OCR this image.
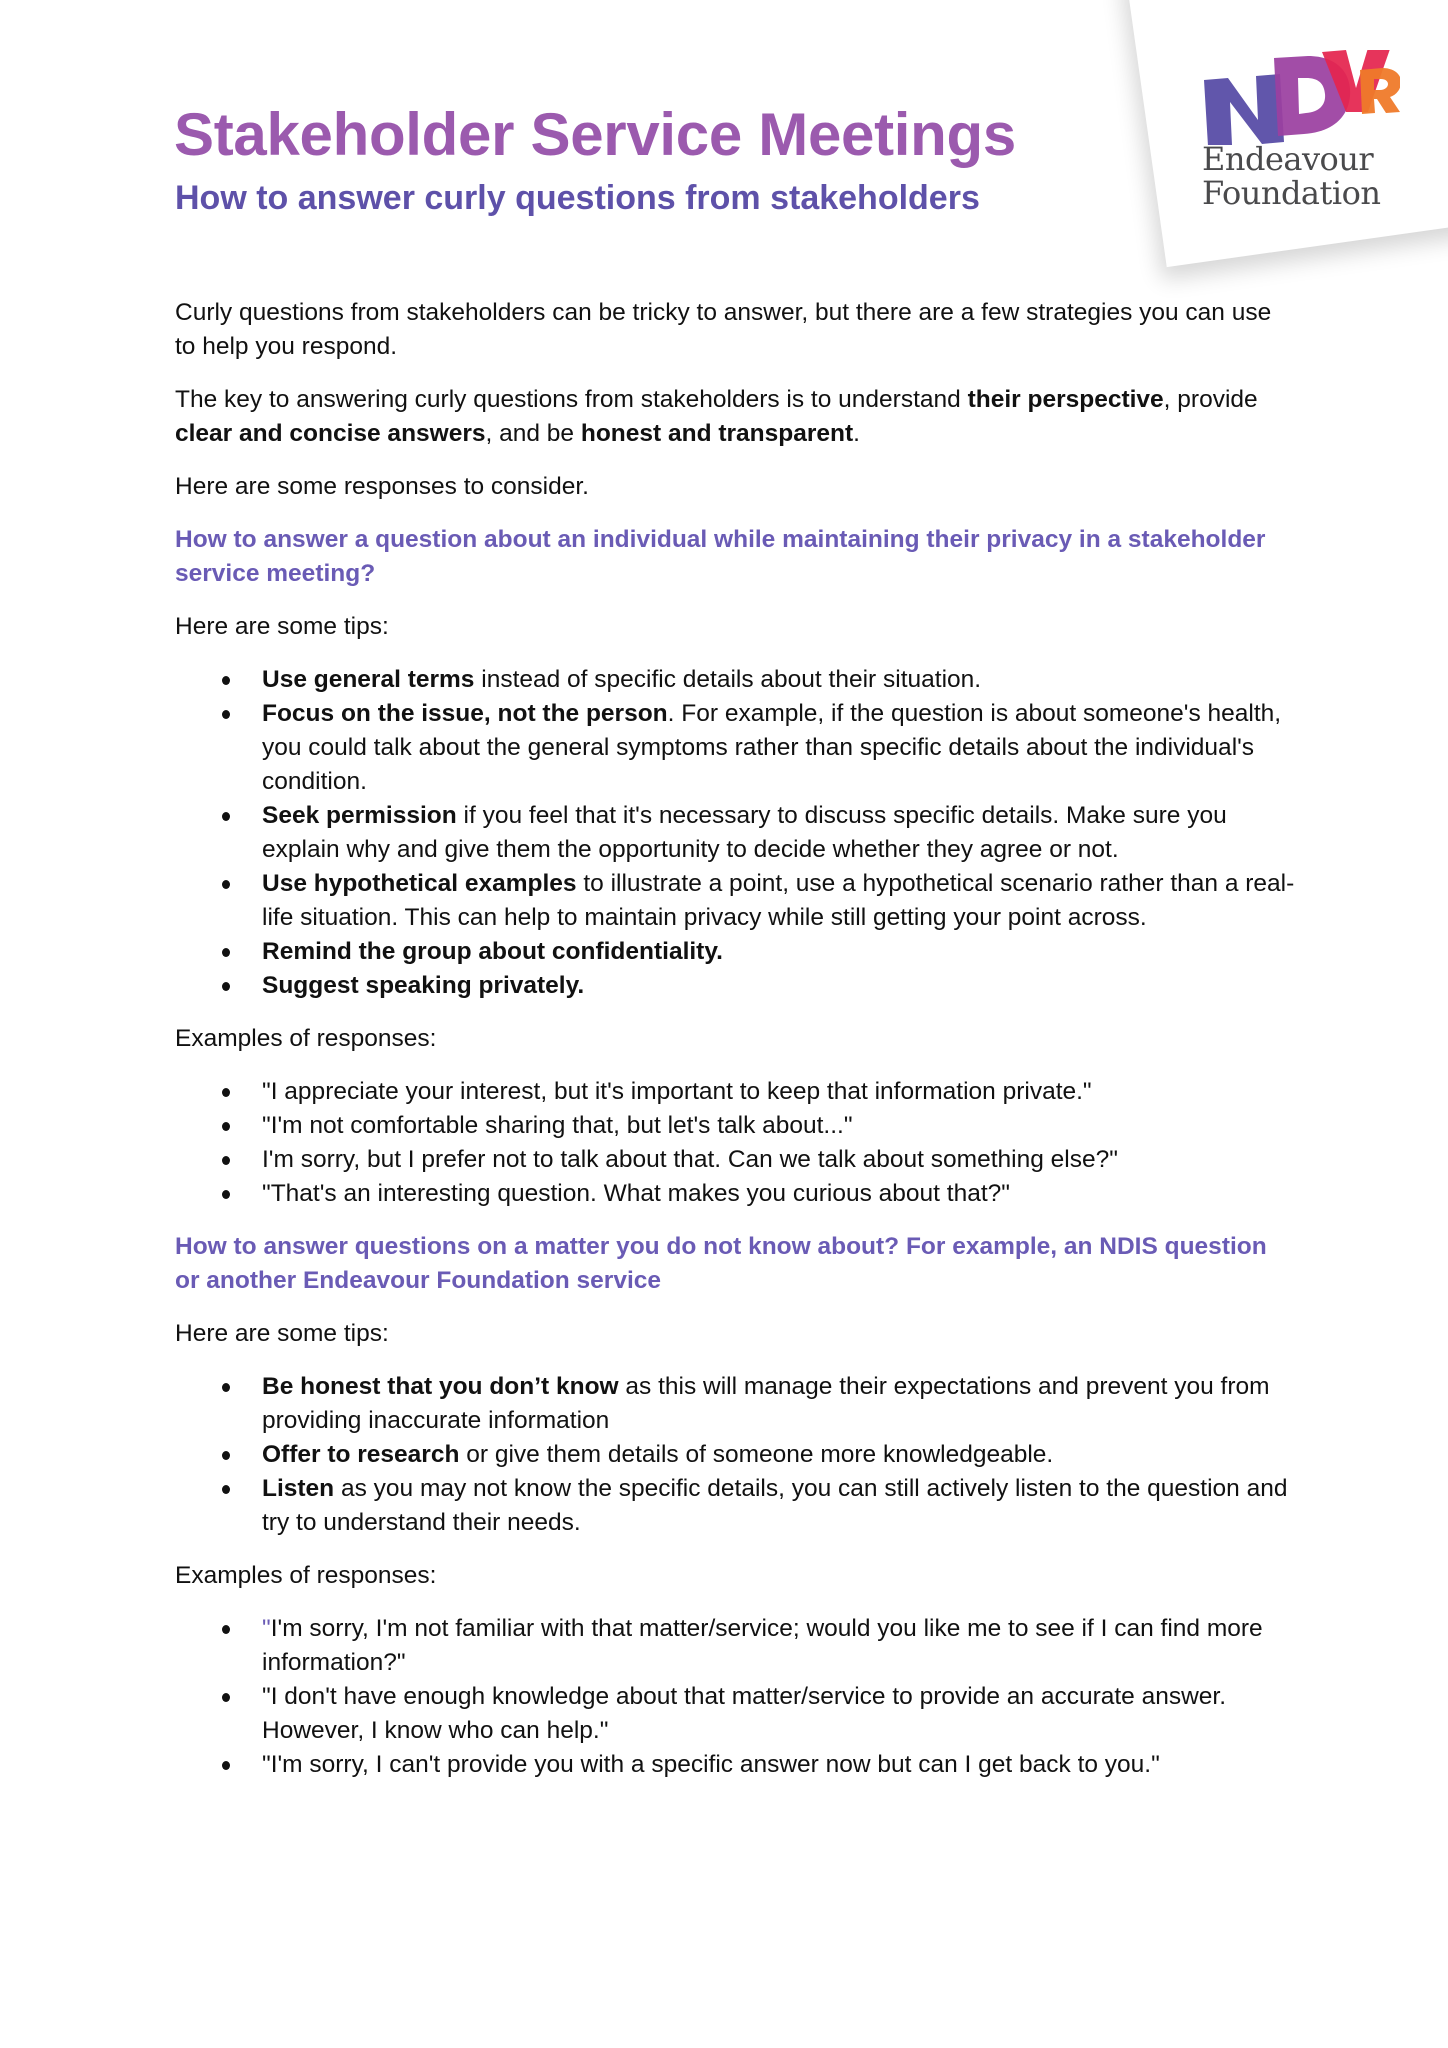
Endeavour
Foundation
Stakeholder Service Meetings
How to answer curly questions from stakeholders

Curly questions from stakeholders can be tricky to answer, but there are a few strategies you can use to help you respond.

The key to answering curly questions from stakeholders is to understand their perspective, provide clear and concise answers, and be honest and transparent.

Here are some responses to consider.

How to answer a question about an individual while maintaining their privacy in a stakeholder service meeting?

Here are some tips:

Use general terms instead of specific details about their situation.
Focus on the issue, not the person. For example, if the question is about someone's health, you could talk about the general symptoms rather than specific details about the individual's condition.
Seek permission if you feel that it's necessary to discuss specific details. Make sure you explain why and give them the opportunity to decide whether they agree or not.
Use hypothetical examples to illustrate a point, use a hypothetical scenario rather than a real-life situation. This can help to maintain privacy while still getting your point across.
Remind the group about confidentiality.
Suggest speaking privately.

Examples of responses:

"I appreciate your interest, but it's important to keep that information private."
"I'm not comfortable sharing that, but let's talk about..."
I'm sorry, but I prefer not to talk about that. Can we talk about something else?"
"That's an interesting question. What makes you curious about that?"
How to answer questions on a matter you do not know about? For example, an NDIS question or another Endeavour Foundation service

Here are some tips:

Be honest that you don’t know as this will manage their expectations and prevent you from providing inaccurate information
Offer to research or give them details of someone more knowledgeable.
Listen as you may not know the specific details, you can still actively listen to the question and try to understand their needs.

Examples of responses:

"I'm sorry, I'm not familiar with that matter/service; would you like me to see if I can find more information?"
"I don't have enough knowledge about that matter/service to provide an accurate answer. However, I know who can help."
"I'm sorry, I can't provide you with a specific answer now but can I get back to you."
